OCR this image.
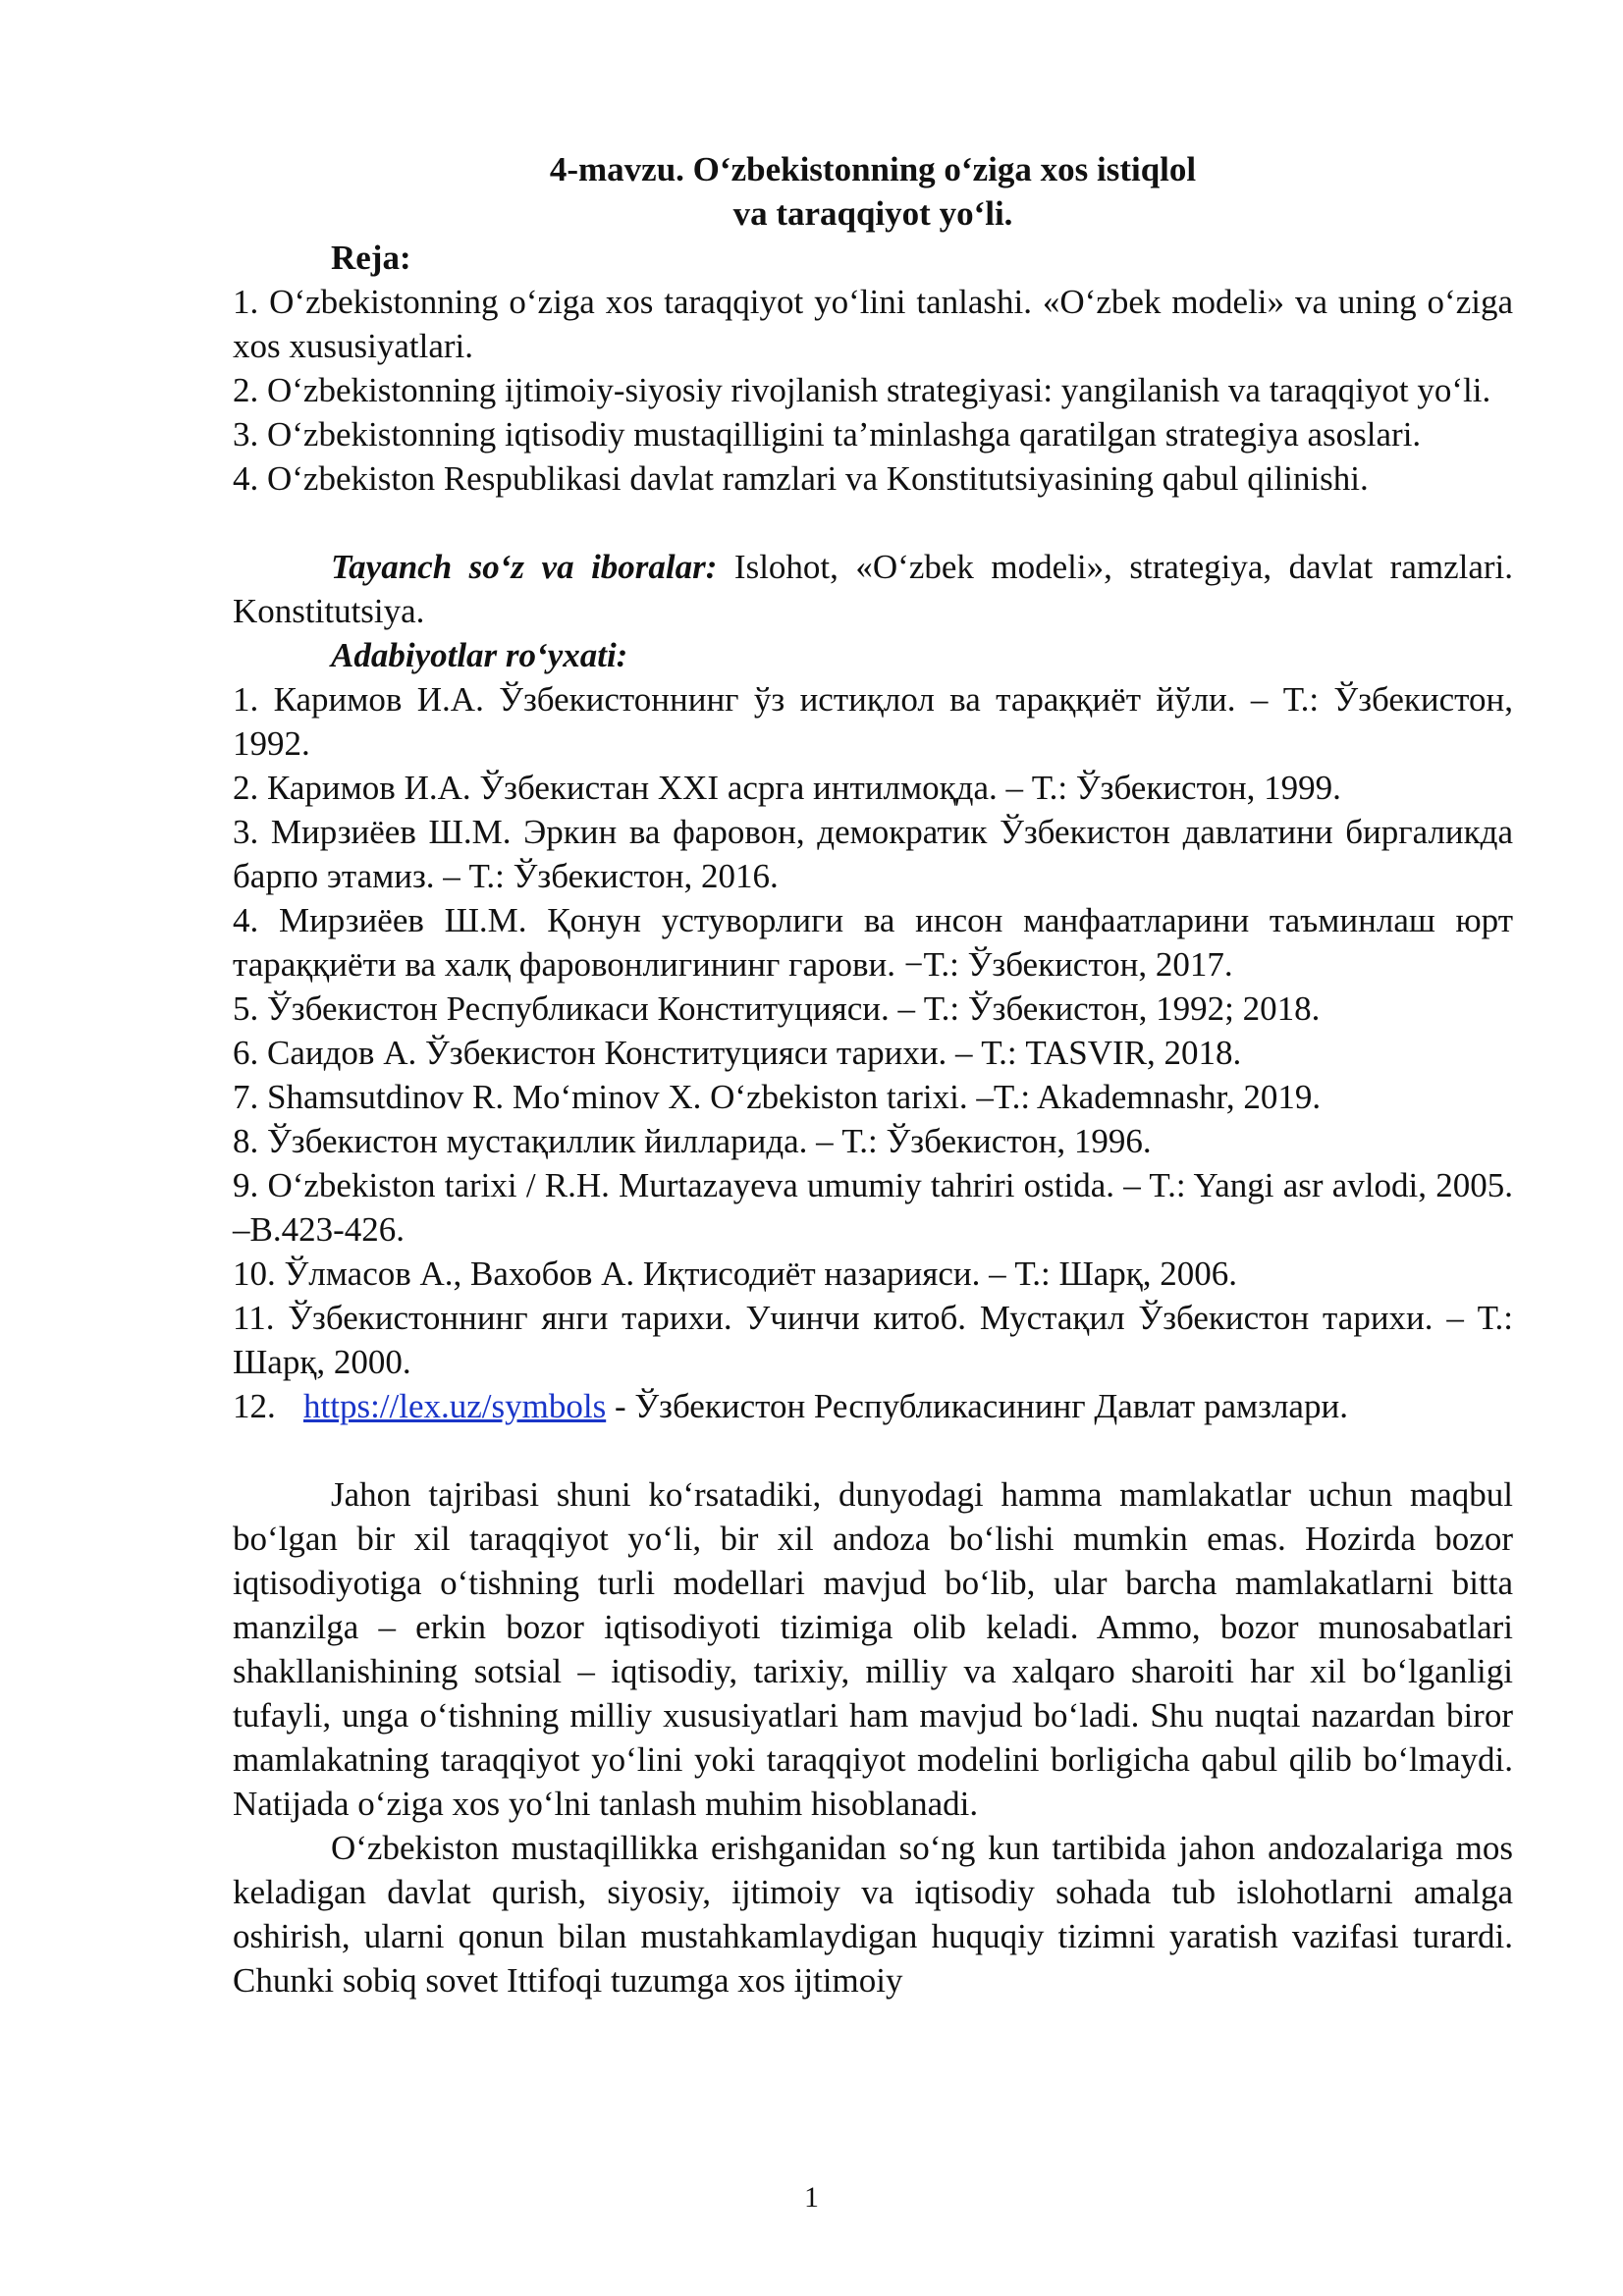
4-mavzu. O‘zbekistonning o‘ziga xos istiqlol

va taraqqiyot yo‘li.

Reja:

1. O‘zbekistonning o‘ziga xos taraqqiyot yo‘lini tanlashi. «O‘zbek modeli» va uning o‘ziga xos xususiyatlari.

2. O‘zbekistonning ijtimoiy-siyosiy rivojlanish strategiyasi: yangilanish va taraqqiyot yo‘li.

3. O‘zbekistonning iqtisodiy mustaqilligini ta’minlashga qaratilgan strategiya asoslari.

4. O‘zbekiston Respublikasi davlat ramzlari va Konstitutsiyasining qabul qilinishi.

Tayanch so‘z va iboralar: Islohot, «O‘zbek modeli», strategiya, davlat ramzlari. Konstitutsiya.

Adabiyotlar ro‘yxati:

1. Каримов И.А. Ўзбекистоннинг ўз истиқлол ва тараққиёт йўли. – Т.: Ўзбекистон, 1992.

2. Каримов И.А. Ўзбекистан XXI асрга интилмоқда. – Т.: Ўзбекистон, 1999.

3. Мирзиёев Ш.М. Эркин ва фаровон, демократик Ўзбекистон давлатини биргаликда барпо этамиз. – Т.: Ўзбекистон, 2016.

4. Мирзиёев Ш.М. Қонун устуворлиги ва инсон манфаатларини таъминлаш юрт тараққиёти ва халқ фаровонлигининг гарови. −Т.: Ўзбекистон, 2017.

5. Ўзбекистон Республикаси Конституцияси. – Т.: Ўзбекистон, 1992; 2018.

6. Саидов А. Ўзбекистон Конституцияси тарихи. – Т.: TASVIR, 2018.

7. Shamsutdinov R. Mo‘minov X. O‘zbekiston tarixi. –T.: Akademnashr, 2019.

8. Ўзбекистон мустақиллик йилларида. – Т.: Ўзбекистон, 1996.

9. O‘zbekiston tarixi / R.H. Murtazayeva umumiy tahriri ostida. – T.: Yangi asr avlodi, 2005. –B.423-426.

10. Ўлмасов А., Вахобов А. Иқтисодиёт назарияси. – Т.: Шарқ, 2006.

11. Ўзбекистоннинг янги тарихи. Учинчи китоб. Мустақил Ўзбекистон тарихи. – Т.: Шарқ, 2000.

12. https://lex.uz/symbols - Ўзбекистон Республикасининг Давлат рамзлари.

Jahon tajribasi shuni ko‘rsatadiki, dunyodagi hamma mamlakatlar uchun maqbul bo‘lgan bir xil taraqqiyot yo‘li, bir xil andoza bo‘lishi mumkin emas. Hozirda bozor iqtisodiyotiga o‘tishning turli modellari mavjud bo‘lib, ular barcha mamlakatlarni bitta manzilga – erkin bozor iqtisodiyoti tizimiga olib keladi. Ammo, bozor munosabatlari shakllanishining sotsial – iqtisodiy, tarixiy, milliy va xalqaro sharoiti har xil bo‘lganligi tufayli, unga o‘tishning milliy xususiyatlari ham mavjud bo‘ladi. Shu nuqtai nazardan biror mamlakatning taraqqiyot yo‘lini yoki taraqqiyot modelini borligicha qabul qilib bo‘lmaydi. Natijada o‘ziga xos yo‘lni tanlash muhim hisoblanadi.

O‘zbekiston mustaqillikka erishganidan so‘ng kun tartibida jahon andozalariga mos keladigan davlat qurish, siyosiy, ijtimoiy va iqtisodiy sohada tub islohotlarni amalga oshirish, ularni qonun bilan mustahkamlaydigan huquqiy tizimni yaratish vazifasi turardi. Chunki sobiq sovet Ittifoqi tuzumga xos ijtimoiy

1
